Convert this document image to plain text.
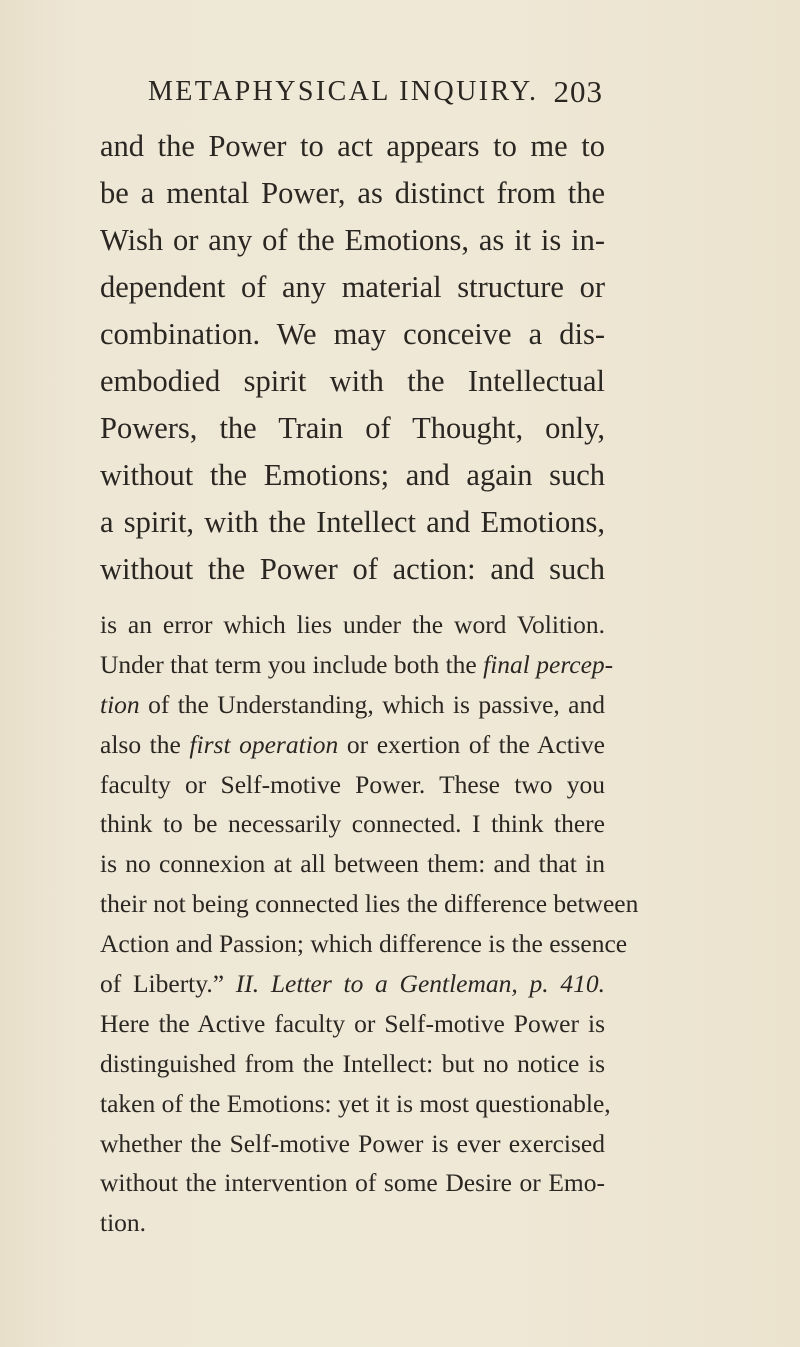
METAPHYSICAL INQUIRY. 203
and the Power to act appears to me to
be a mental Power, as distinct from the
Wish or any of the Emotions, as it is in-
dependent of any material structure or
combination. We may conceive a dis-
embodied spirit with the Intellectual
Powers, the Train of Thought, only,
without the Emotions; and again such
a spirit, with the Intellect and Emotions,
without the Power of action: and such
is an error which lies under the word Volition.
Under that term you include both the final percep-
tion of the Understanding, which is passive, and
also the first operation or exertion of the Active
faculty or Self-motive Power. These two you
think to be necessarily connected. I think there
is no connexion at all between them: and that in
their not being connected lies the difference between
Action and Passion; which difference is the essence
of Liberty.” II. Letter to a Gentleman, p. 410.
Here the Active faculty or Self-motive Power is
distinguished from the Intellect: but no notice is
taken of the Emotions: yet it is most questionable,
whether the Self-motive Power is ever exercised
without the intervention of some Desire or Emo-
tion.
